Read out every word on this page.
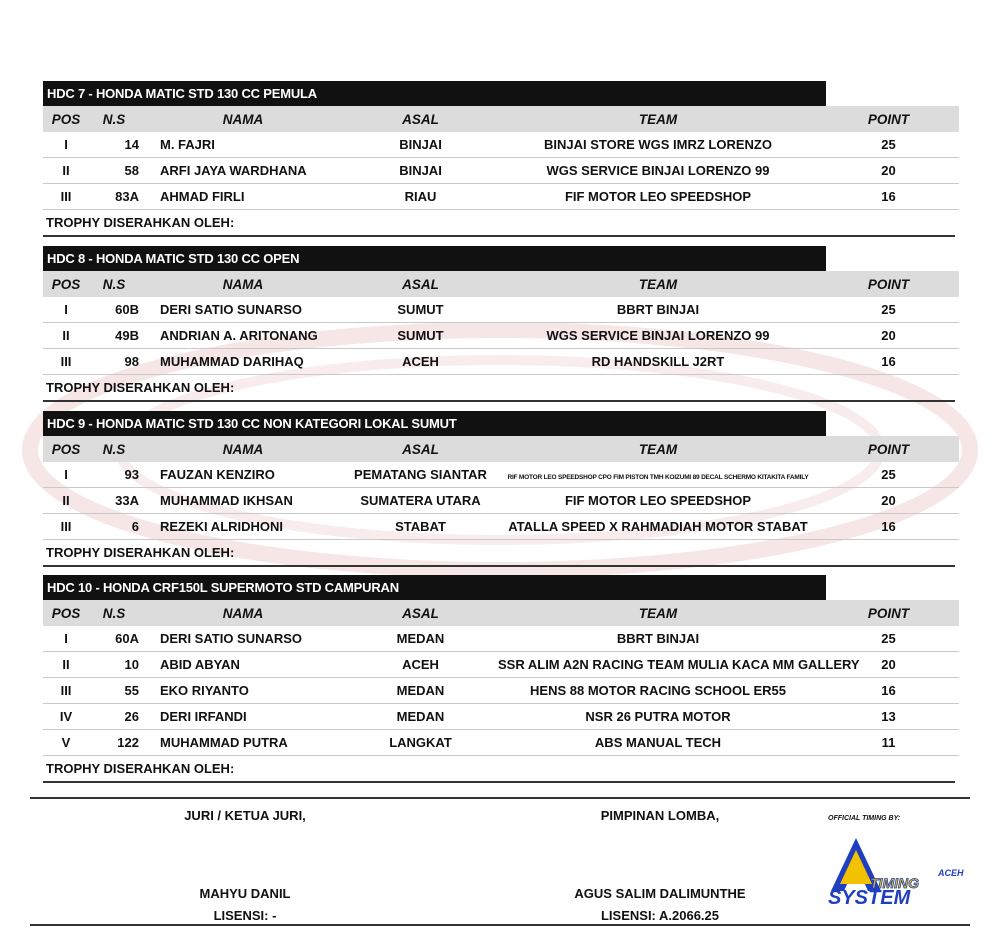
HDC 7 - HONDA MATIC STD 130 CC PEMULA
POS	N.S	NAMA	ASAL	TEAM	POINT
I	14	M. FAJRI	BINJAI	BINJAI STORE WGS IMRZ LORENZO	25
II	58	ARFI JAYA WARDHANA	BINJAI	WGS SERVICE BINJAI LORENZO 99	20
III	83A	AHMAD FIRLI	RIAU	FIF MOTOR LEO SPEEDSHOP	16
TROPHY DISERAHKAN OLEH:
HDC 8 - HONDA MATIC STD 130 CC OPEN
POS	N.S	NAMA	ASAL	TEAM	POINT
I	60B	DERI SATIO SUNARSO	SUMUT	BBRT BINJAI	25
II	49B	ANDRIAN A. ARITONANG	SUMUT	WGS SERVICE BINJAI LORENZO 99	20
III	98	MUHAMMAD DARIHAQ	ACEH	RD HANDSKILL J2RT	16
TROPHY DISERAHKAN OLEH:
HDC 9 - HONDA MATIC STD 130 CC NON KATEGORI LOKAL SUMUT
POS	N.S	NAMA	ASAL	TEAM	POINT
I	93	FAUZAN KENZIRO	PEMATANG SIANTAR	RIF MOTOR LEO SPEEDSHOP CPO FIM PISTON TMH KOIZUMI 89 DECAL SCHERMO KITAKITA FAMILY	25
II	33A	MUHAMMAD IKHSAN	SUMATERA UTARA	FIF MOTOR LEO SPEEDSHOP	20
III	6	REZEKI ALRIDHONI	STABAT	ATALLA SPEED X RAHMADIAH MOTOR STABAT	16
TROPHY DISERAHKAN OLEH:
HDC 10 - HONDA CRF150L SUPERMOTO STD CAMPURAN
POS	N.S	NAMA	ASAL	TEAM	POINT
I	60A	DERI SATIO SUNARSO	MEDAN	BBRT BINJAI	25
II	10	ABID ABYAN	ACEH	SSR ALIM A2N RACING TEAM MULIA KACA MM GALLERY	20
III	55	EKO RIYANTO	MEDAN	HENS 88 MOTOR RACING SCHOOL ER55	16
IV	26	DERI IRFANDI	MEDAN	NSR 26 PUTRA MOTOR	13
V	122	MUHAMMAD PUTRA	LANGKAT	ABS MANUAL TECH	11
TROPHY DISERAHKAN OLEH:
JURI / KETUA JURI,	PIMPINAN LOMBA,	OFFICIAL TIMING BY:
MAHYU DANIL
LISENSI: -
AGUS SALIM DALIMUNTHE
LISENSI: A.2066.25
ACEH
TIMING
SYSTEM
